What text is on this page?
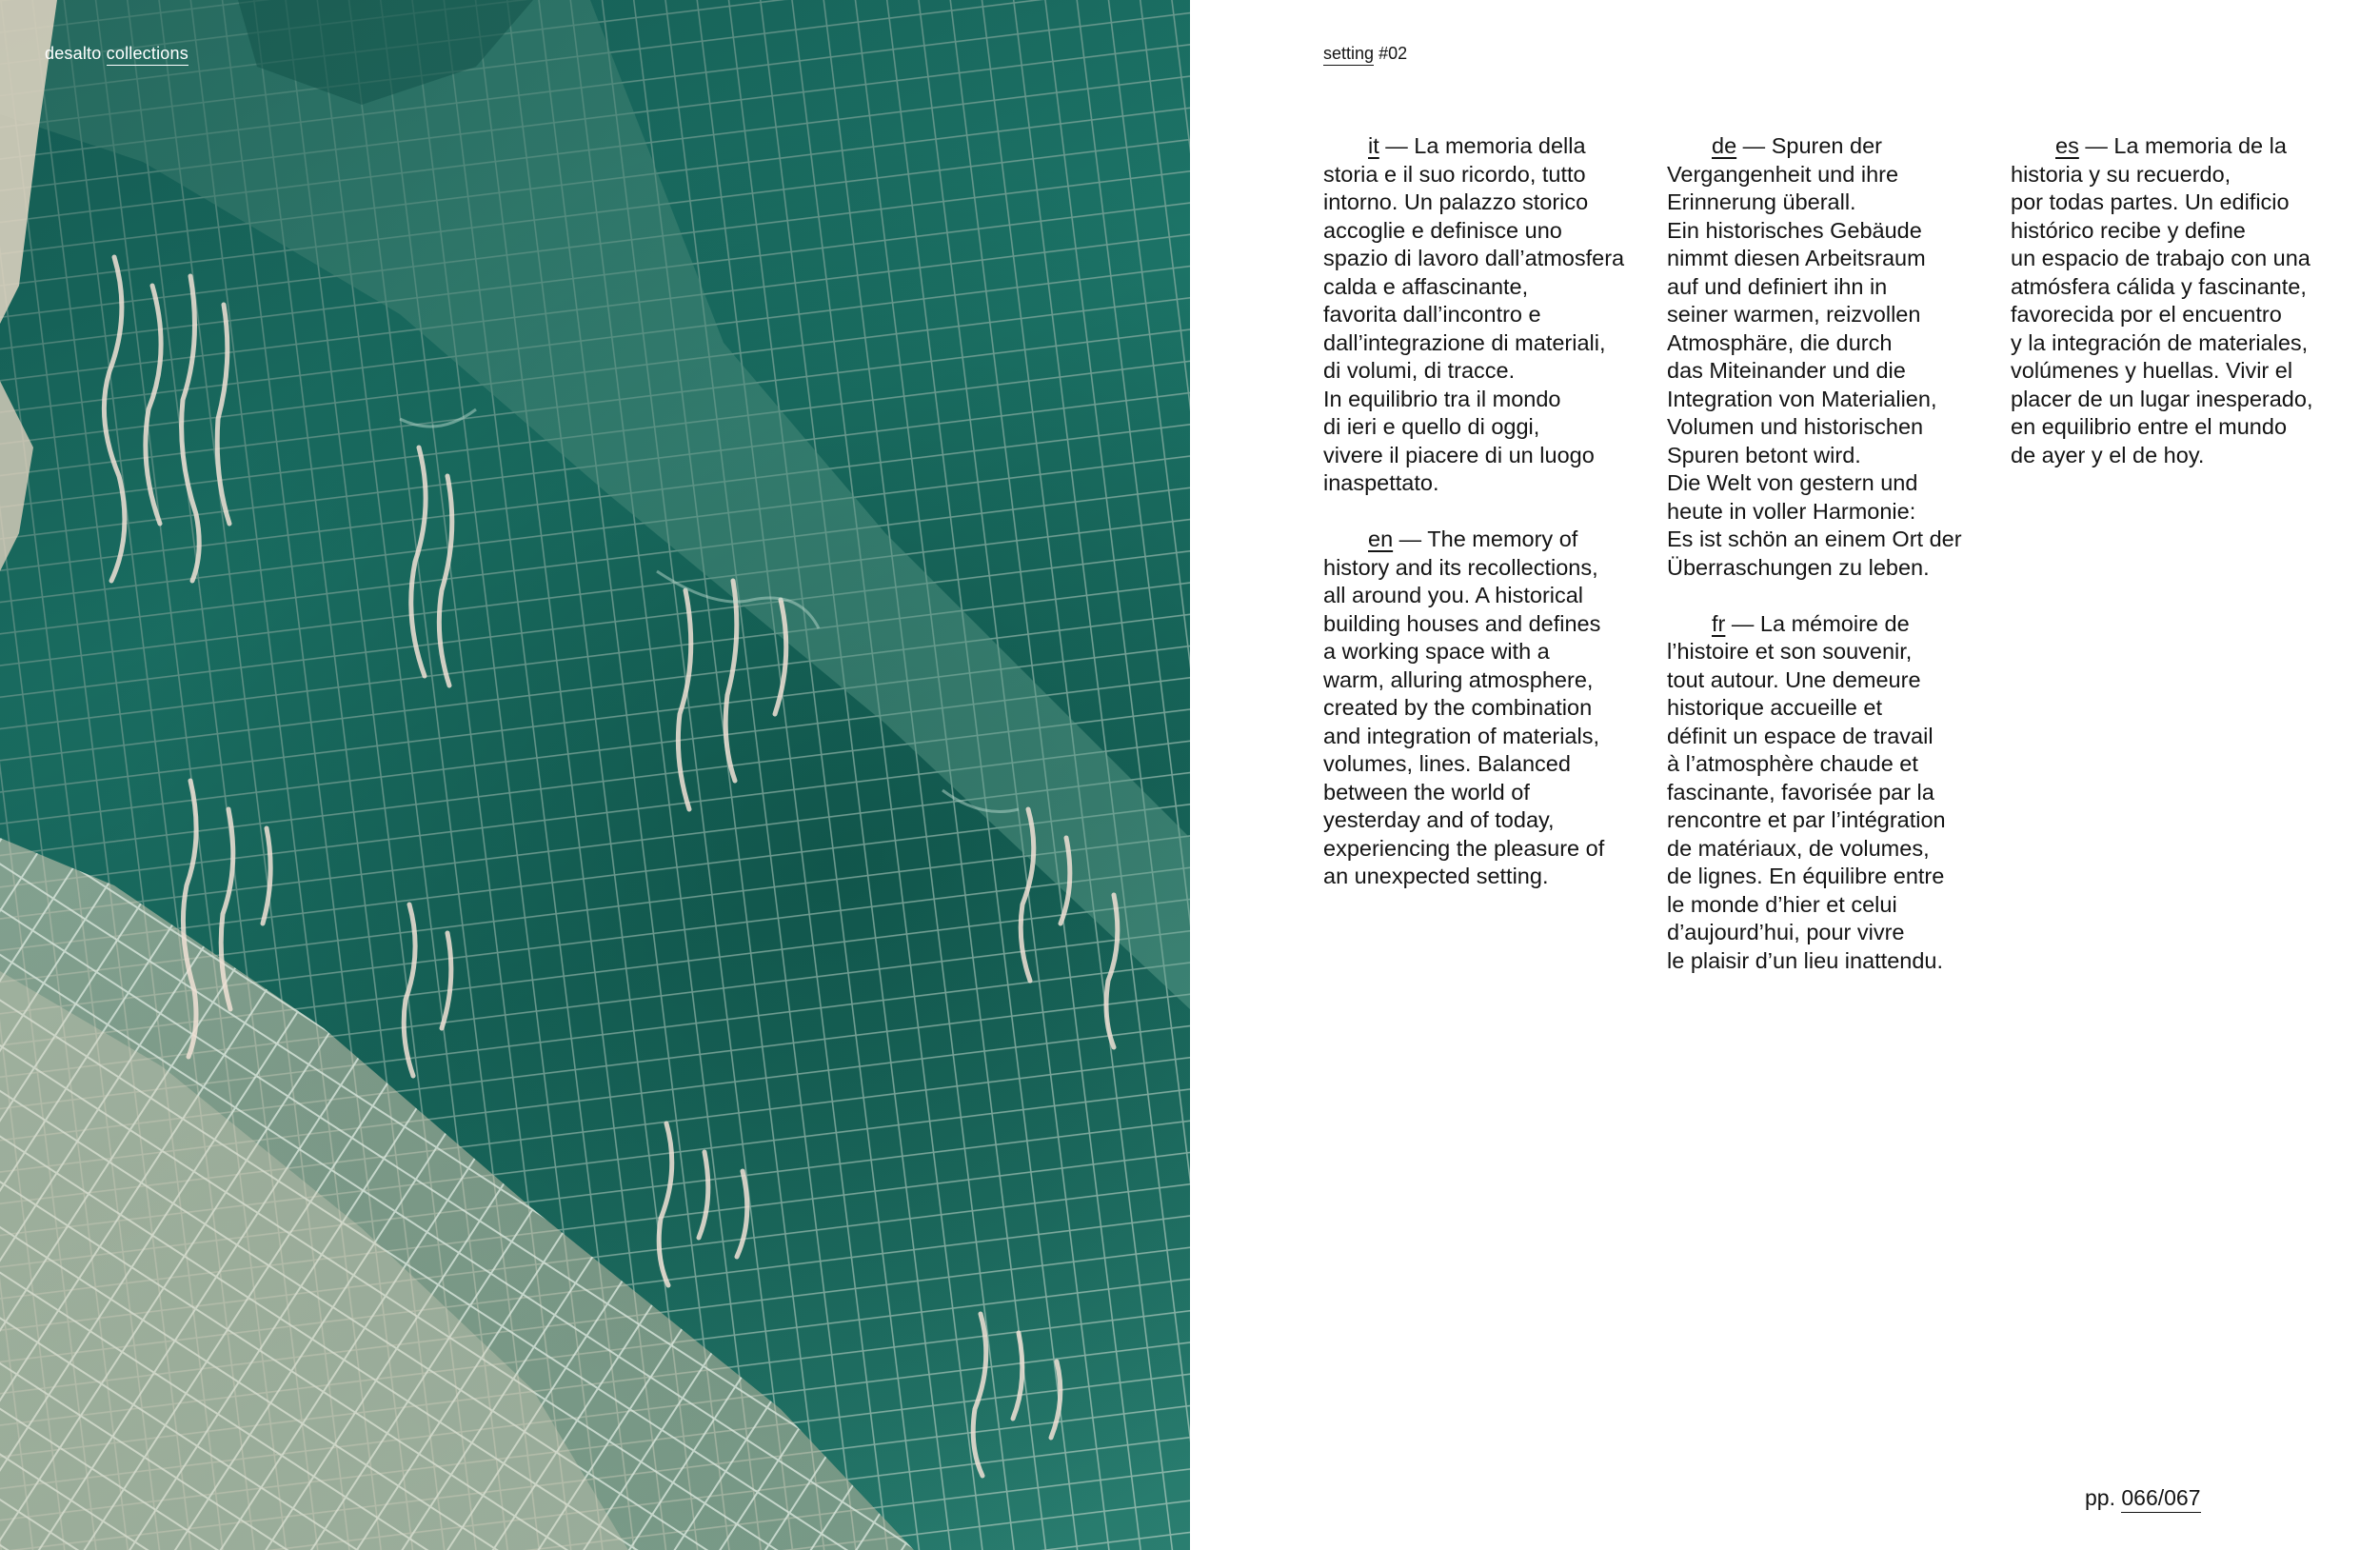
desalto collections	setting #02

it — La memoria della
storia e il suo ricordo, tutto
intorno. Un palazzo storico
accoglie e definisce uno
spazio di lavoro dall’atmosfera
calda e affascinante,
favorita dall’incontro e
dall’integrazione di materiali,
di volumi, di tracce.
In equilibrio tra il mondo
di ieri e quello di oggi,
vivere il piacere di un luogo
inaspettato.

en — The memory of
history and its recollections,
all around you. A historical
building houses and defines
a working space with a
warm, alluring atmosphere,
created by the combination
and integration of materials,
volumes, lines. Balanced
between the world of
yesterday and of today,
experiencing the pleasure of
an unexpected setting.

de — Spuren der
Vergangenheit und ihre
Erinnerung überall.
Ein historisches Gebäude
nimmt diesen Arbeitsraum
auf und definiert ihn in
seiner warmen, reizvollen
Atmosphäre, die durch
das Miteinander und die
Integration von Materialien,
Volumen und historischen
Spuren betont wird.
Die Welt von gestern und
heute in voller Harmonie:
Es ist schön an einem Ort der
Überraschungen zu leben.

fr — La mémoire de
l’histoire et son souvenir,
tout autour. Une demeure
historique accueille et
définit un espace de travail
à l’atmosphère chaude et
fascinante, favorisée par la
rencontre et par l’intégration
de matériaux, de volumes,
de lignes. En équilibre entre
le monde d’hier et celui
d’aujourd’hui, pour vivre
le plaisir d’un lieu inattendu.

es — La memoria de la
historia y su recuerdo,
por todas partes. Un edificio
histórico recibe y define
un espacio de trabajo con una
atmósfera cálida y fascinante,
favorecida por el encuentro
y la integración de materiales,
volúmenes y huellas. Vivir el
placer de un lugar inesperado,
en equilibrio entre el mundo
de ayer y el de hoy.

pp. 066/067
